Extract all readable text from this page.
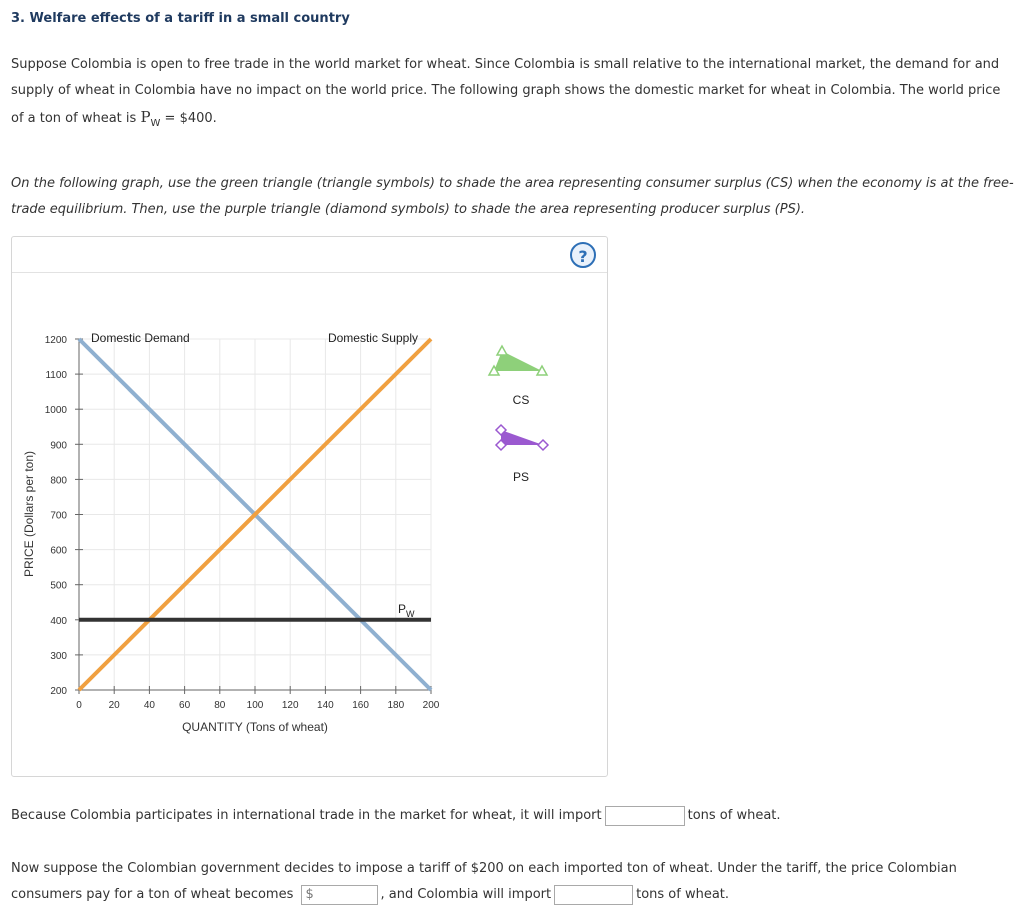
3. Welfare effects of a tariff in a small country
Suppose Colombia is open to free trade in the world market for wheat. Since Colombia is small relative to the international market, the demand for and supply of wheat in Colombia have no impact on the world price. The following graph shows the domestic market for wheat in Colombia. The world price of a ton of wheat is $P_W$ = $400.
On the following graph, use the green triangle (triangle symbols) to shade the area representing consumer surplus (CS) when the economy is at the free-trade equilibrium. Then, use the purple triangle (diamond symbols) to shade the area representing producer surplus (PS).
?
0	20 40 60 80 100 120 140 160 180 200
200
300
400
500
600
700
800
900
1000
1100
1200
QUANTITY (Tons of wheat)
PRICE (Dollars per ton)
Domestic Demand	Domestic Supply
$P_W$
CS
PS
Because Colombia participates in international trade in the market for wheat, it will import	tons of wheat.
Now suppose the Colombian government decides to impose a tariff of $200 on each imported ton of wheat. Under the tariff, the price Colombian consumers pay for a ton of wheat becomes $	, and Colombia will import	tons of wheat.
